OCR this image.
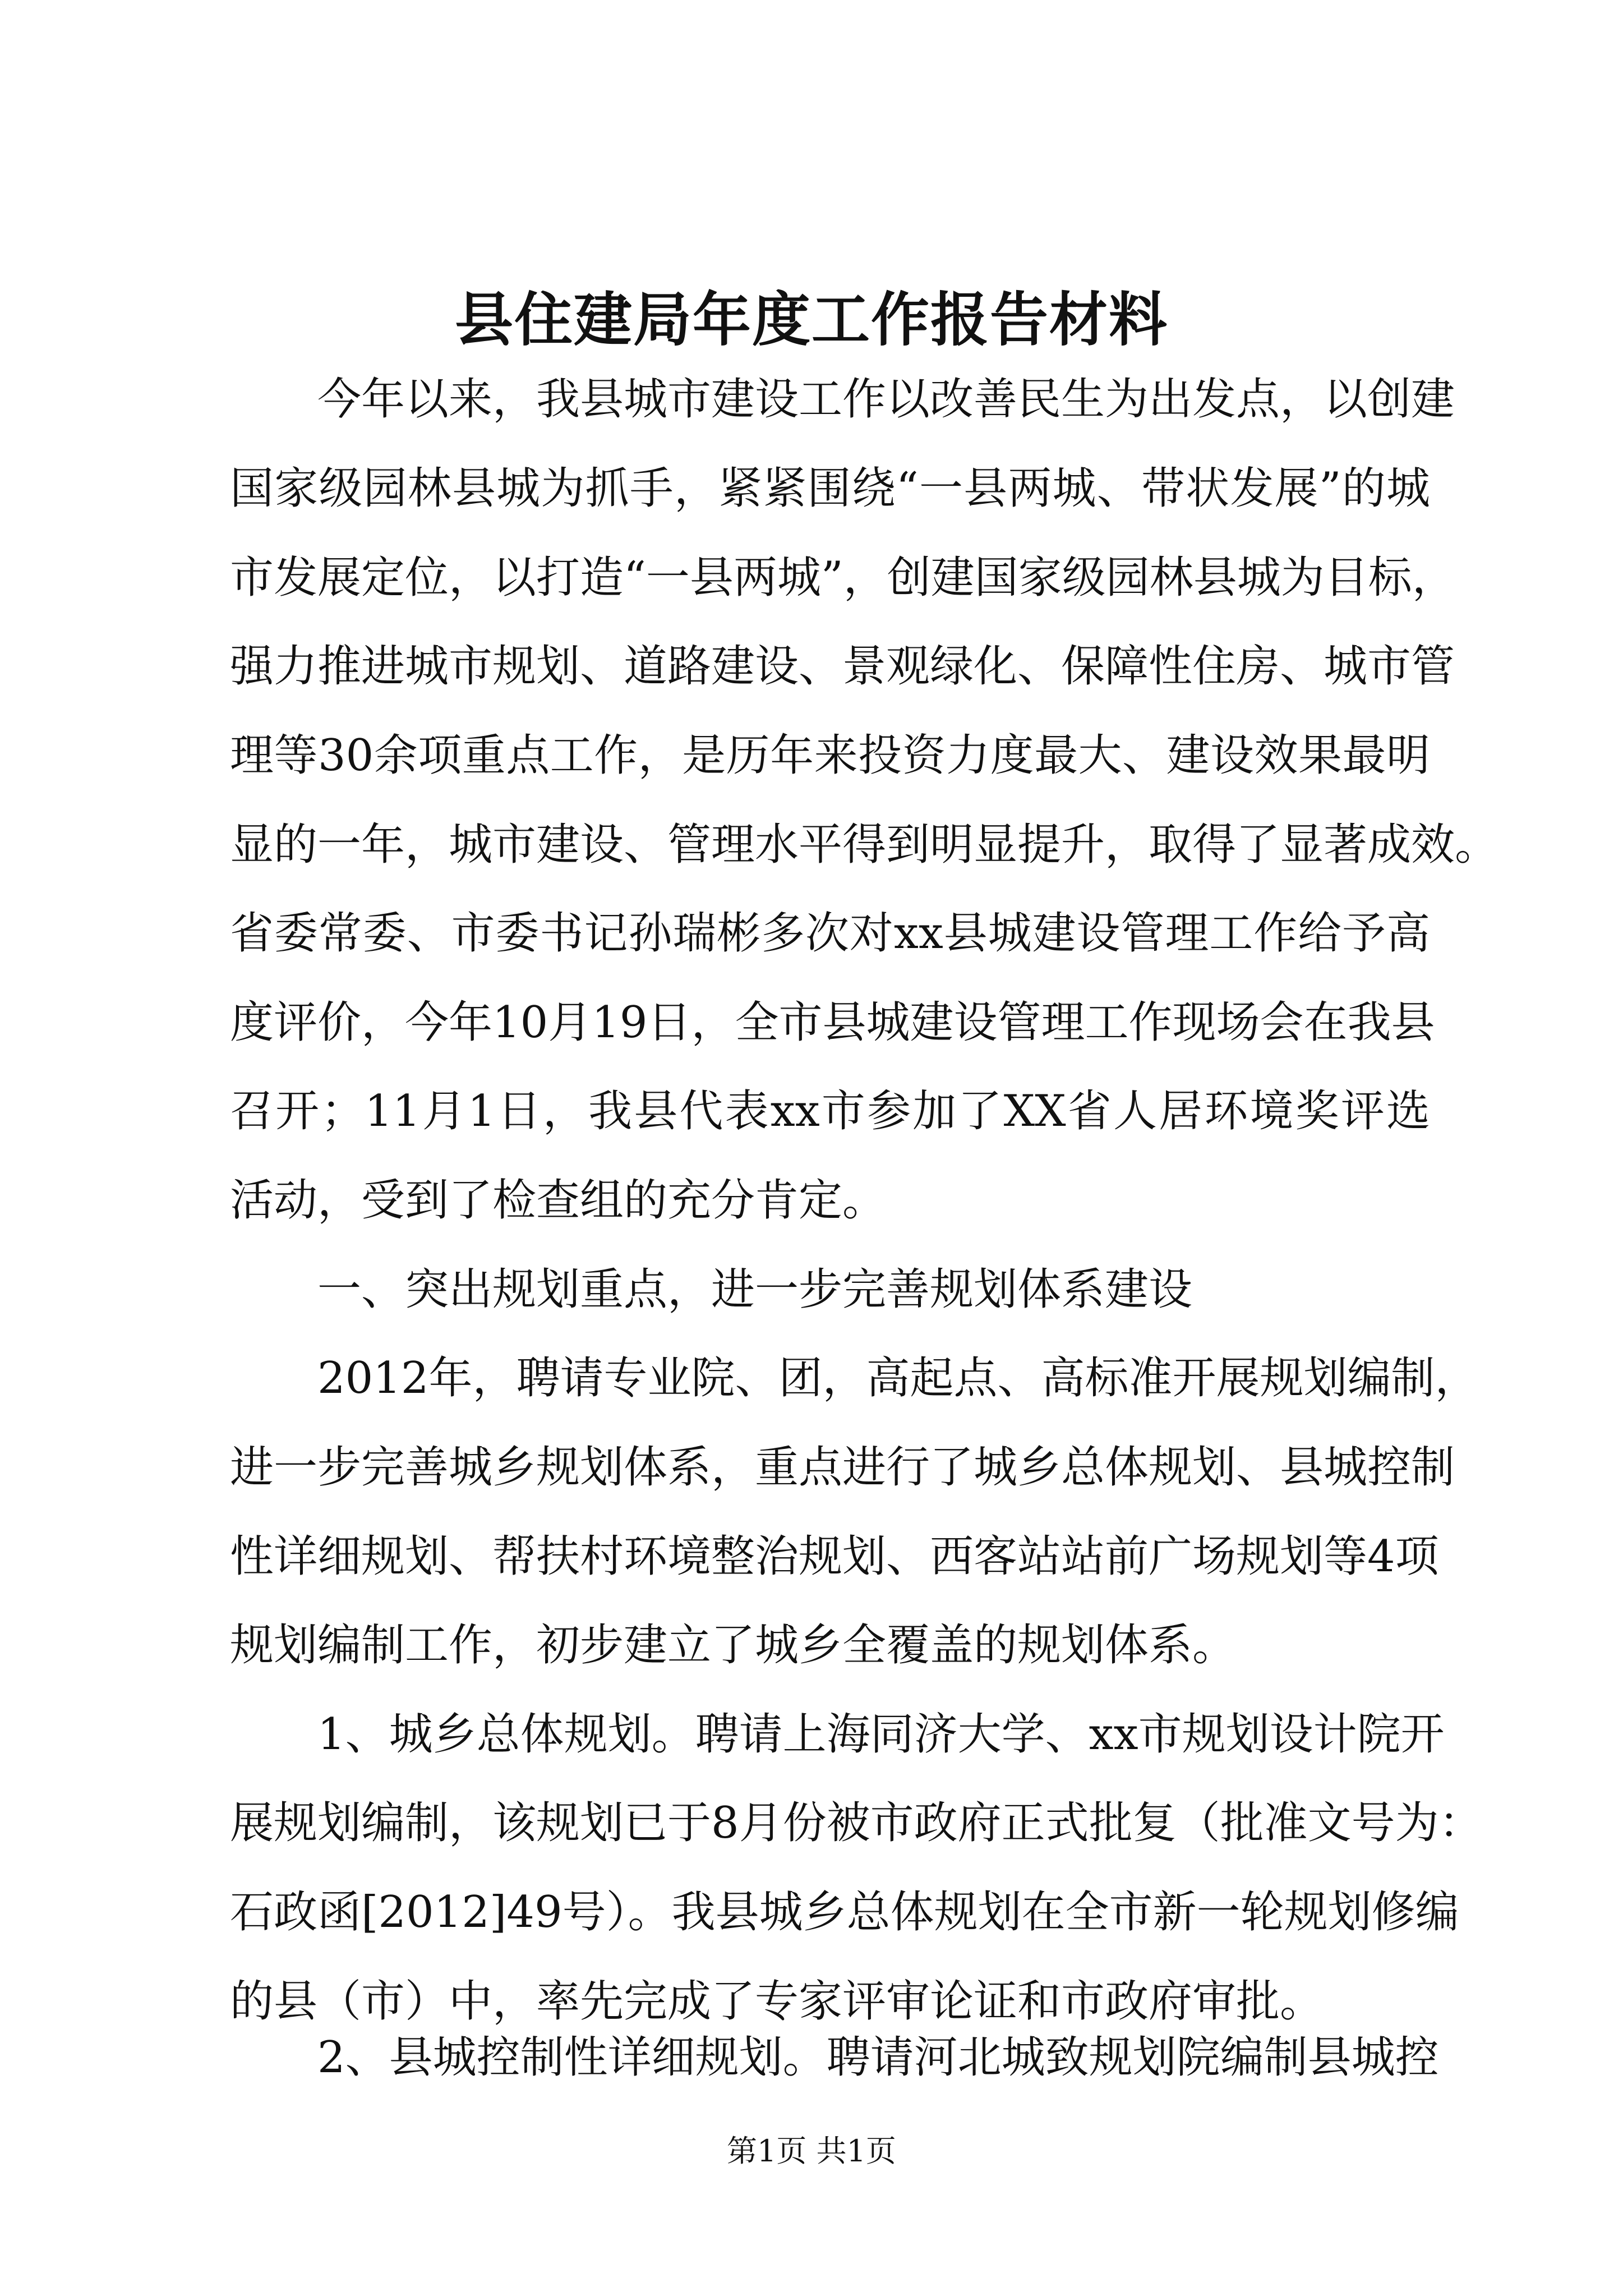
县住建局年度工作报告材料
今年以来，我县城市建设工作以改善民生为出发点，以创建
国家级园林县城为抓手，紧紧围绕“一县两城、带状发展”的城
市发展定位，以打造“一县两城”，创建国家级园林县城为目标，
强力推进城市规划、道路建设、景观绿化、保障性住房、城市管
理等30余项重点工作，是历年来投资力度最大、建设效果最明
显的一年，城市建设、管理水平得到明显提升，取得了显著成效。
省委常委、市委书记孙瑞彬多次对xx县城建设管理工作给予高
度评价，今年10月19日，全市县城建设管理工作现场会在我县
召开；11月1日，我县代表xx市参加了XX省人居环境奖评选
活动，受到了检查组的充分肯定。
一、突出规划重点，进一步完善规划体系建设
2012年，聘请专业院、团，高起点、高标准开展规划编制，
进一步完善城乡规划体系，重点进行了城乡总体规划、县城控制
性详细规划、帮扶村环境整治规划、西客站站前广场规划等4项
规划编制工作，初步建立了城乡全覆盖的规划体系。
1、城乡总体规划。聘请上海同济大学、xx市规划设计院开
展规划编制，该规划已于8月份被市政府正式批复（批准文号为：
石政函[2012]49号）。我县城乡总体规划在全市新一轮规划修编
的县（市）中，率先完成了专家评审论证和市政府审批。
2、县城控制性详细规划。聘请河北城致规划院编制县城控
第1页 共1页
